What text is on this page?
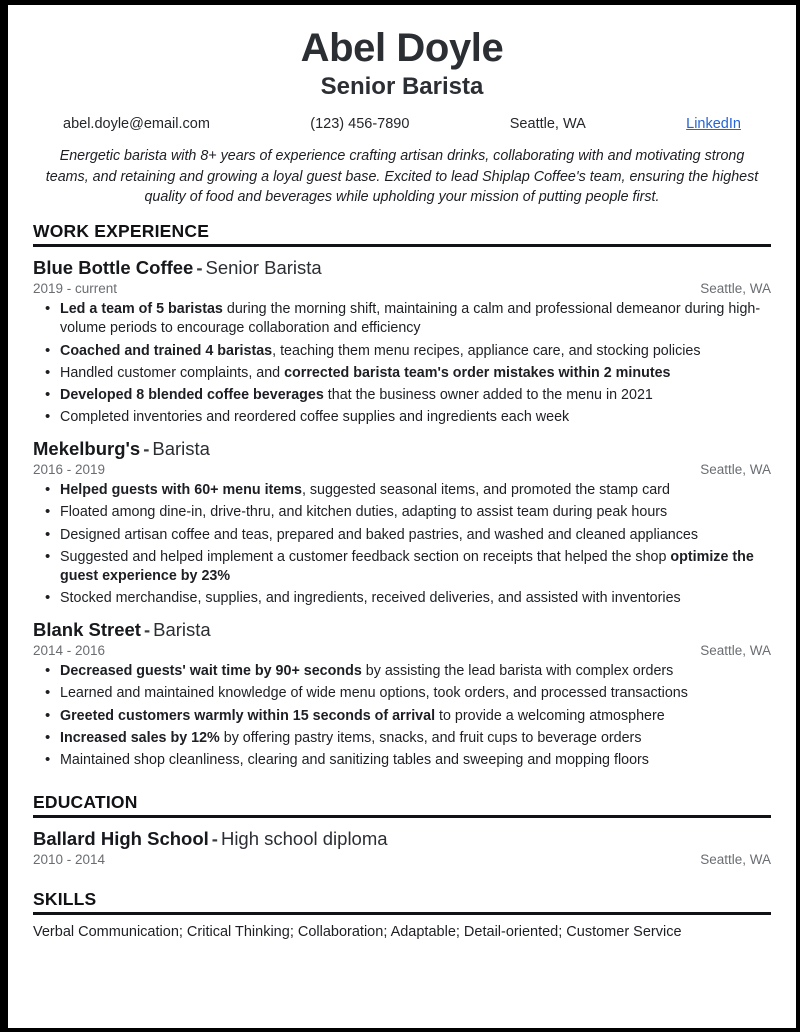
Abel Doyle
Senior Barista
abel.doyle@email.com	(123) 456-7890	Seattle, WA	LinkedIn
Energetic barista with 8+ years of experience crafting artisan drinks, collaborating with and motivating strong teams, and retaining and growing a loyal guest base. Excited to lead Shiplap Coffee's team, ensuring the highest quality of food and beverages while upholding your mission of putting people first.
WORK EXPERIENCE
Blue Bottle Coffee - Senior Barista
2019 - current	Seattle, WA
• Led a team of 5 baristas during the morning shift, maintaining a calm and professional demeanor during high-volume periods to encourage collaboration and efficiency
• Coached and trained 4 baristas, teaching them menu recipes, appliance care, and stocking policies
• Handled customer complaints, and corrected barista team's order mistakes within 2 minutes
• Developed 8 blended coffee beverages that the business owner added to the menu in 2021
• Completed inventories and reordered coffee supplies and ingredients each week
Mekelburg's - Barista
2016 - 2019	Seattle, WA
• Helped guests with 60+ menu items, suggested seasonal items, and promoted the stamp card
• Floated among dine-in, drive-thru, and kitchen duties, adapting to assist team during peak hours
• Designed artisan coffee and teas, prepared and baked pastries, and washed and cleaned appliances
• Suggested and helped implement a customer feedback section on receipts that helped the shop optimize the guest experience by 23%
• Stocked merchandise, supplies, and ingredients, received deliveries, and assisted with inventories
Blank Street - Barista
2014 - 2016	Seattle, WA
• Decreased guests' wait time by 90+ seconds by assisting the lead barista with complex orders
• Learned and maintained knowledge of wide menu options, took orders, and processed transactions
• Greeted customers warmly within 15 seconds of arrival to provide a welcoming atmosphere
• Increased sales by 12% by offering pastry items, snacks, and fruit cups to beverage orders
• Maintained shop cleanliness, clearing and sanitizing tables and sweeping and mopping floors
EDUCATION
Ballard High School - High school diploma
2010 - 2014	Seattle, WA
SKILLS
Verbal Communication; Critical Thinking; Collaboration; Adaptable; Detail-oriented; Customer Service
